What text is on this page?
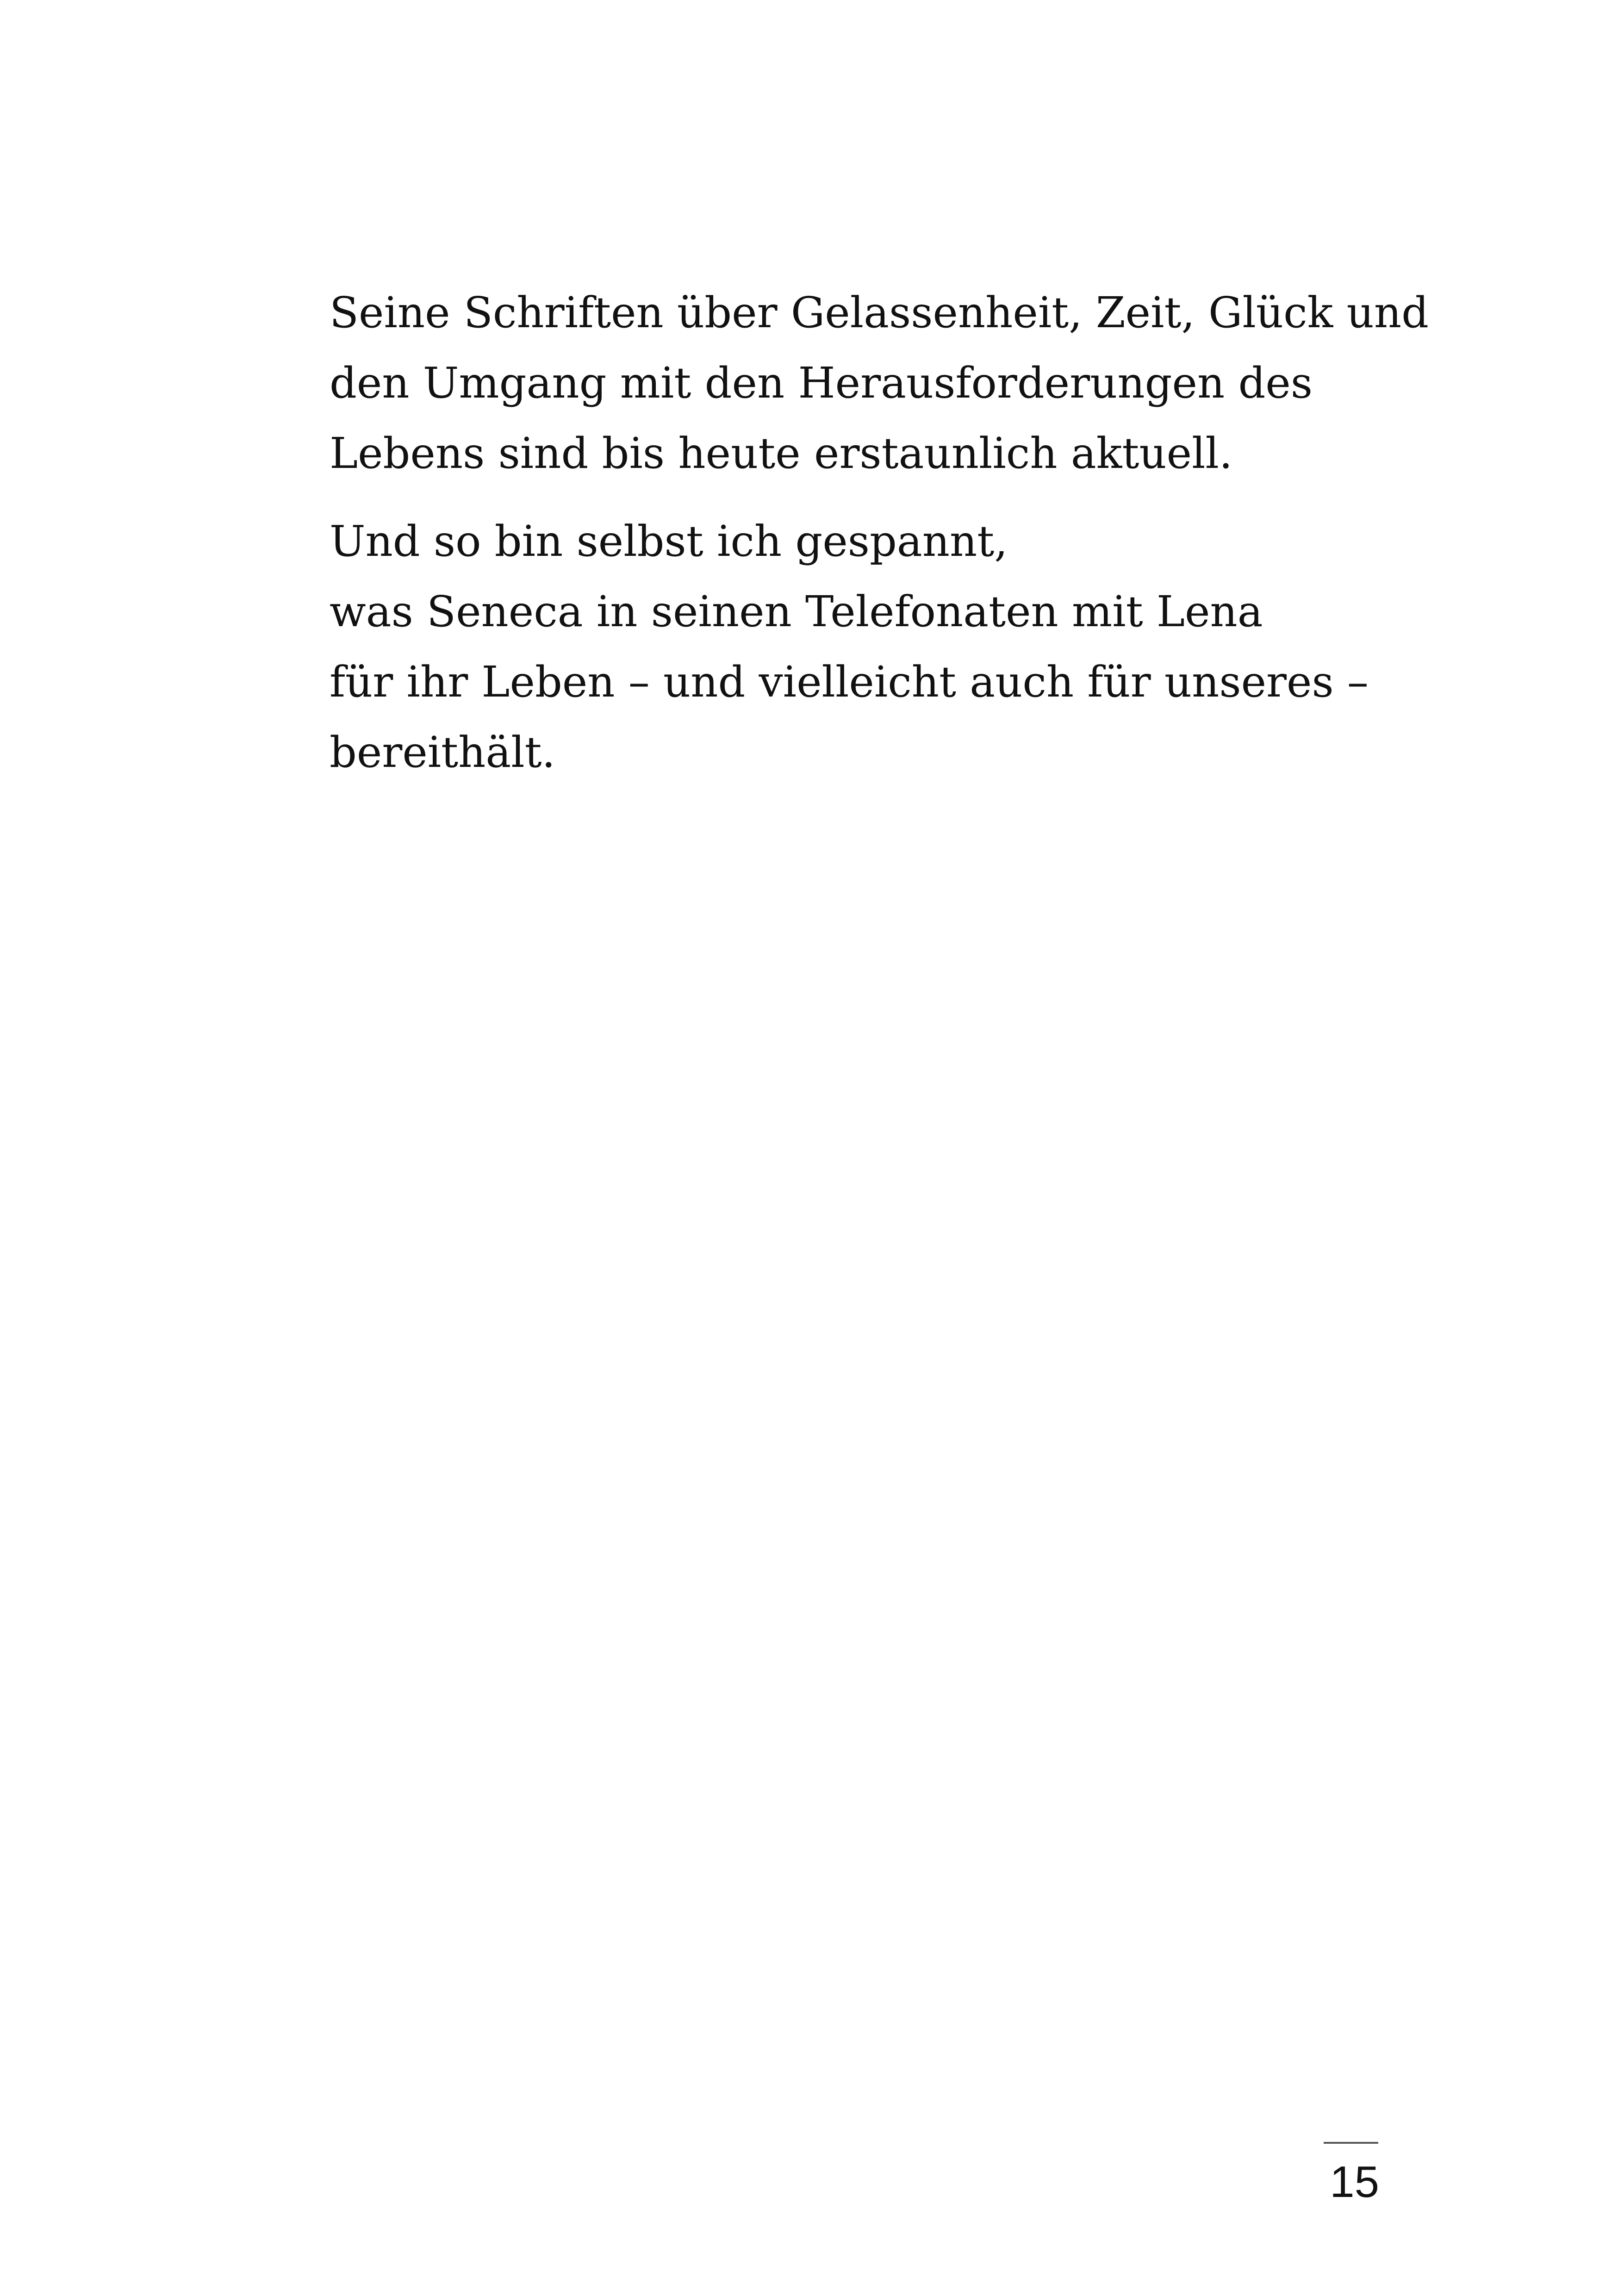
Seine Schriften über Gelassenheit, Zeit, Glück und
den Umgang mit den Herausforderungen des
Lebens sind bis heute erstaunlich aktuell.

Und so bin selbst ich gespannt,
was Seneca in seinen Telefonaten mit Lena
für ihr Leben – und vielleicht auch für unseres –
bereithält.

15
